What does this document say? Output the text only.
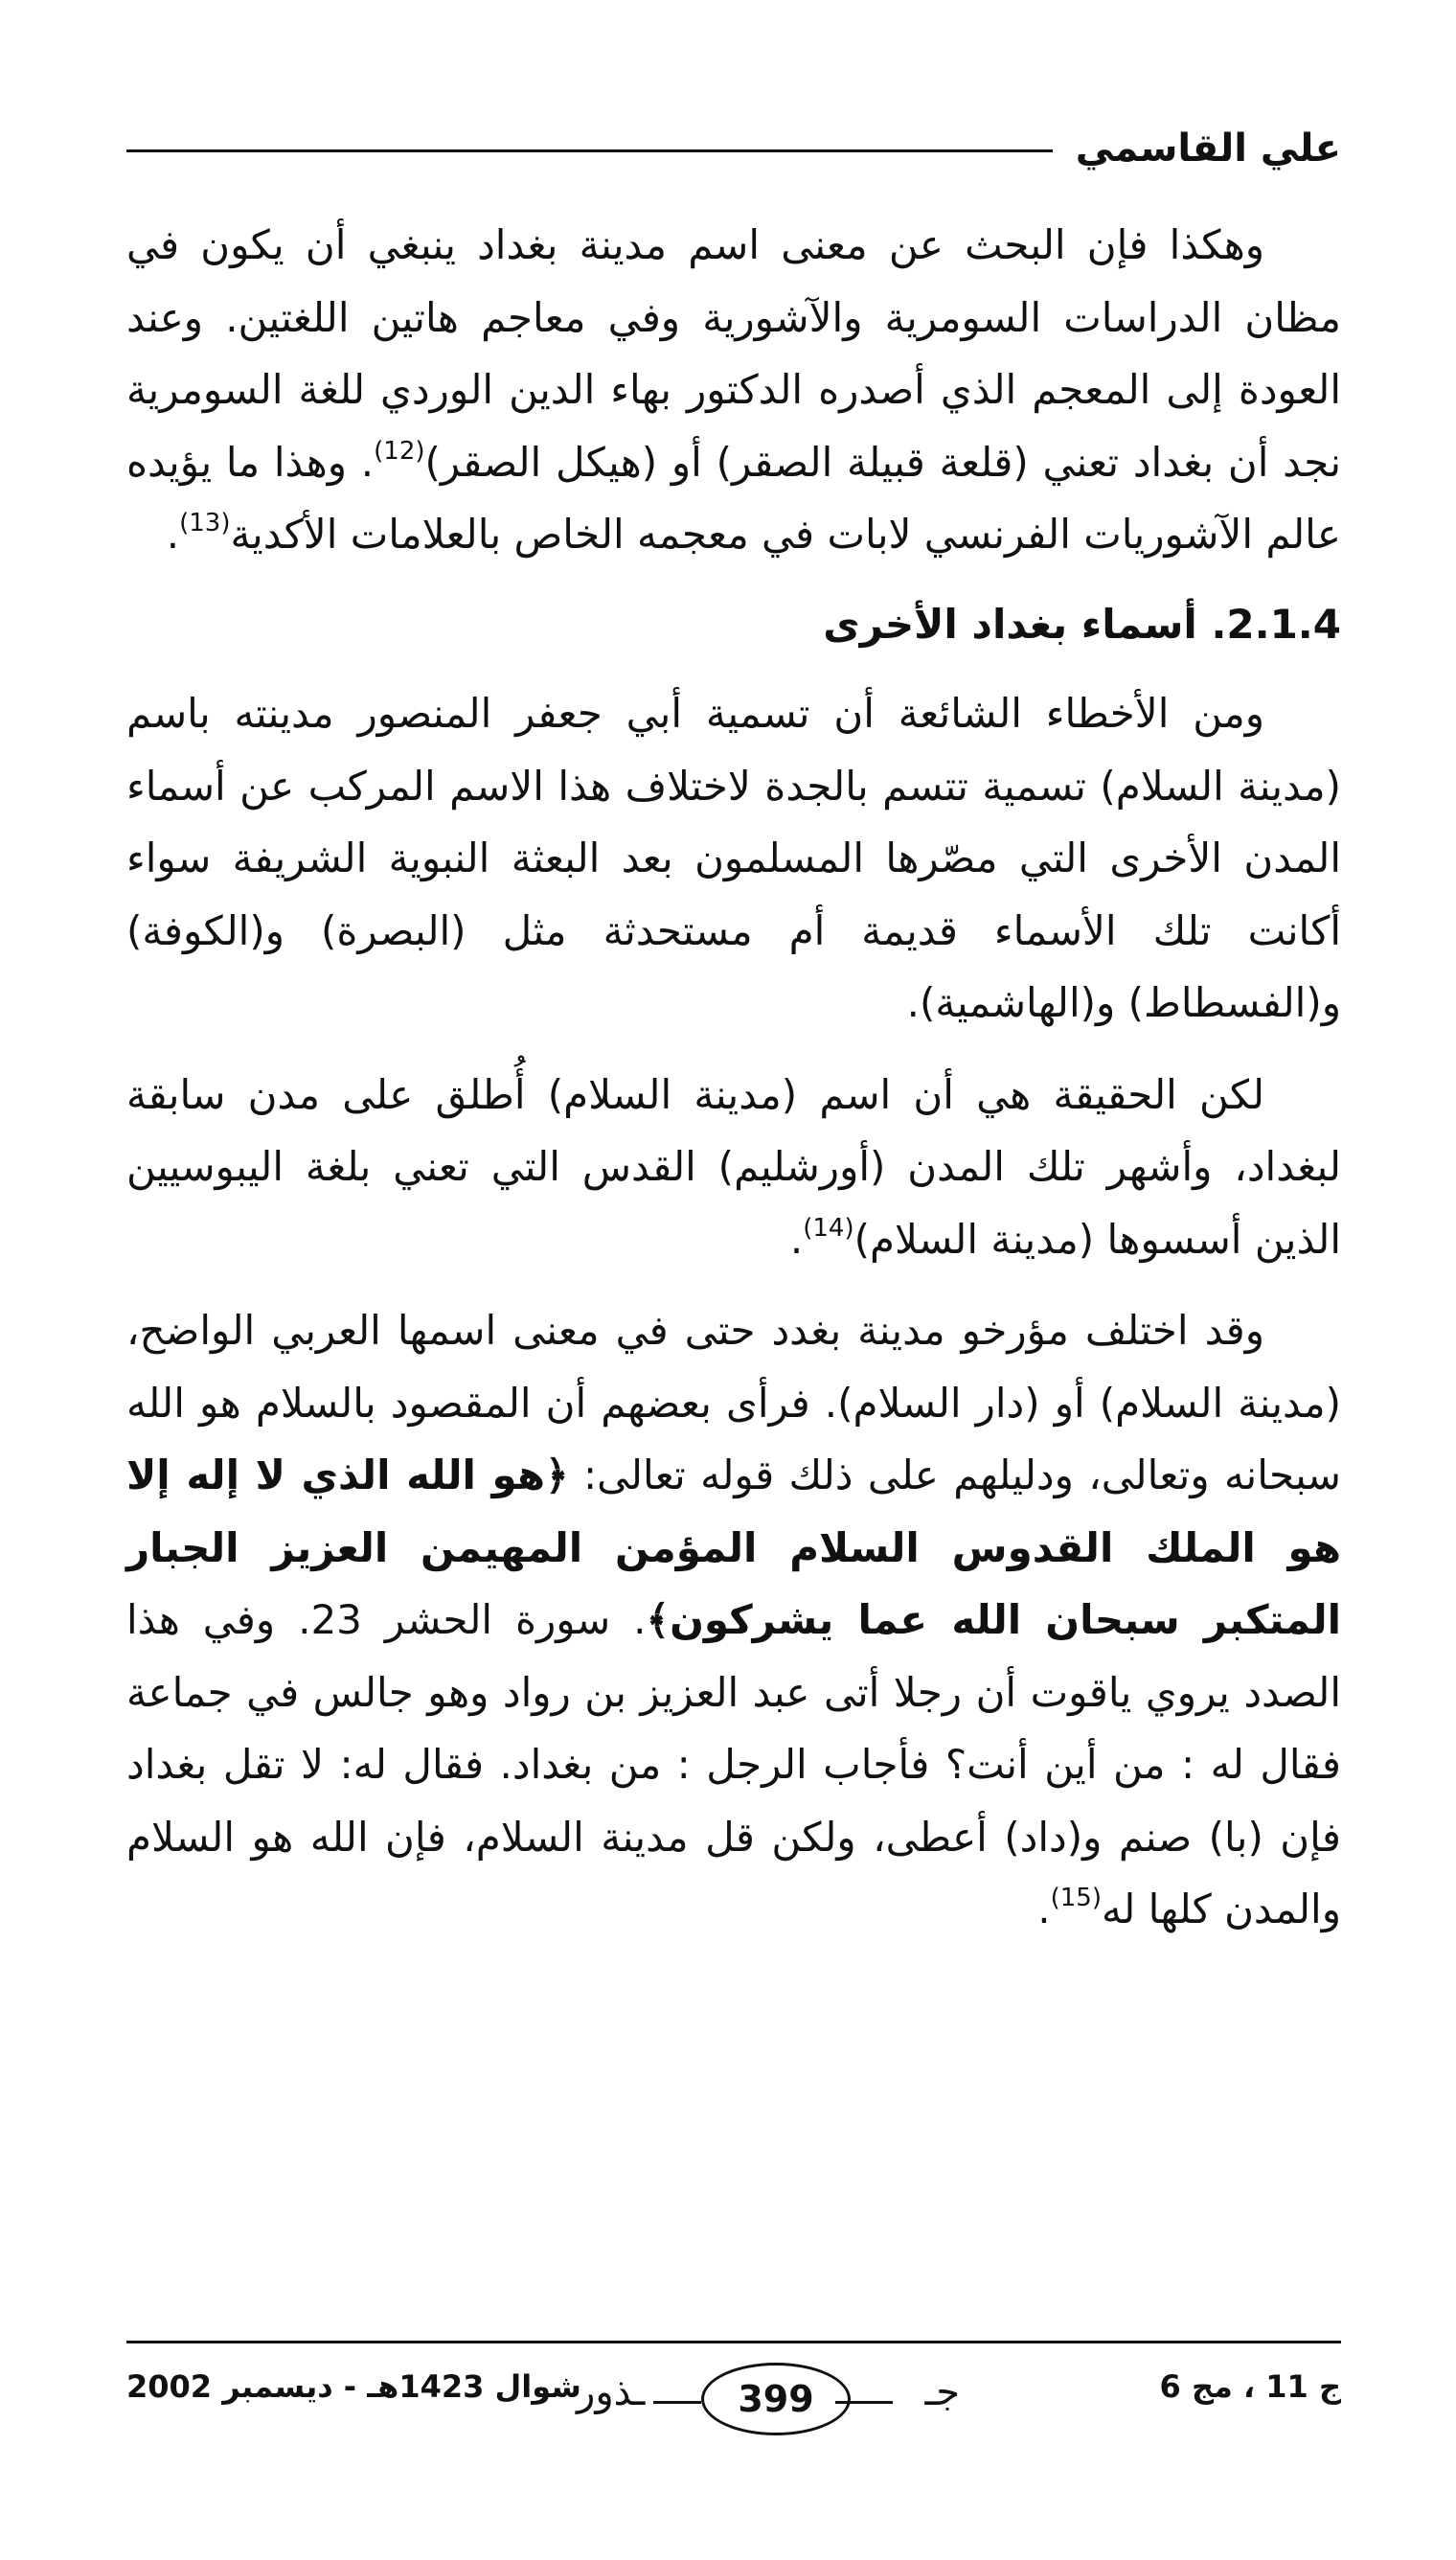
علي القاسمي

وهكذا فإن البحث عن معنى اسم مدينة بغداد ينبغي أن يكون في مظان الدراسات السومرية والآشورية وفي معاجم هاتين اللغتين. وعند العودة إلى المعجم الذي أصدره الدكتور بهاء الدين الوردي للغة السومرية نجد أن بغداد تعني (قلعة قبيلة الصقر) أو (هيكل الصقر)$^{(12)}$. وهذا ما يؤيده عالم الآشوريات الفرنسي لابات في معجمه الخاص بالعلامات الأكدية$^{(13)}$.

2.1.4. أسماء بغداد الأخرى

ومن الأخطاء الشائعة أن تسمية أبي جعفر المنصور مدينته باسم (مدينة السلام) تسمية تتسم بالجدة لاختلاف هذا الاسم المركب عن أسماء المدن الأخرى التي مصّرها المسلمون بعد البعثة النبوية الشريفة سواء أكانت تلك الأسماء قديمة أم مستحدثة مثل (البصرة) و(الكوفة) و(الفسطاط) و(الهاشمية).

لكن الحقيقة هي أن اسم (مدينة السلام) أُطلق على مدن سابقة لبغداد، وأشهر تلك المدن (أورشليم) القدس التي تعني بلغة اليبوسيين الذين أسسوها (مدينة السلام)$^{(14)}$.

وقد اختلف مؤرخو مدينة بغدد حتى في معنى اسمها العربي الواضح،(مدينة السلام) أو (دار السلام). فرأى بعضهم أن المقصود بالسلام هو الله سبحانه وتعالى، ودليلهم على ذلك قوله تعالى: ﴿هو الله الذي لا إله إلا هو الملك القدوس السلام المؤمن المهيمن العزيز الجبار المتكبر سبحان الله عما يشركون﴾. سورة الحشر 23. وفي هذا الصدد يروي ياقوت أن رجلا أتى عبد العزيز بن رواد وهو جالس في جماعة فقال له : من أين أنت؟ فأجاب الرجل : من بغداد. فقال له: لا تقل بغداد فإن (با) صنم و(داد) أعطى، ولكن قل مدينة السلام، فإن الله هو السلام والمدن كلها له$^{(15)}$.

شوال 1423هـ - ديسمبر 2002
ـذور	399	جـ	ج 11 ، مج 6
